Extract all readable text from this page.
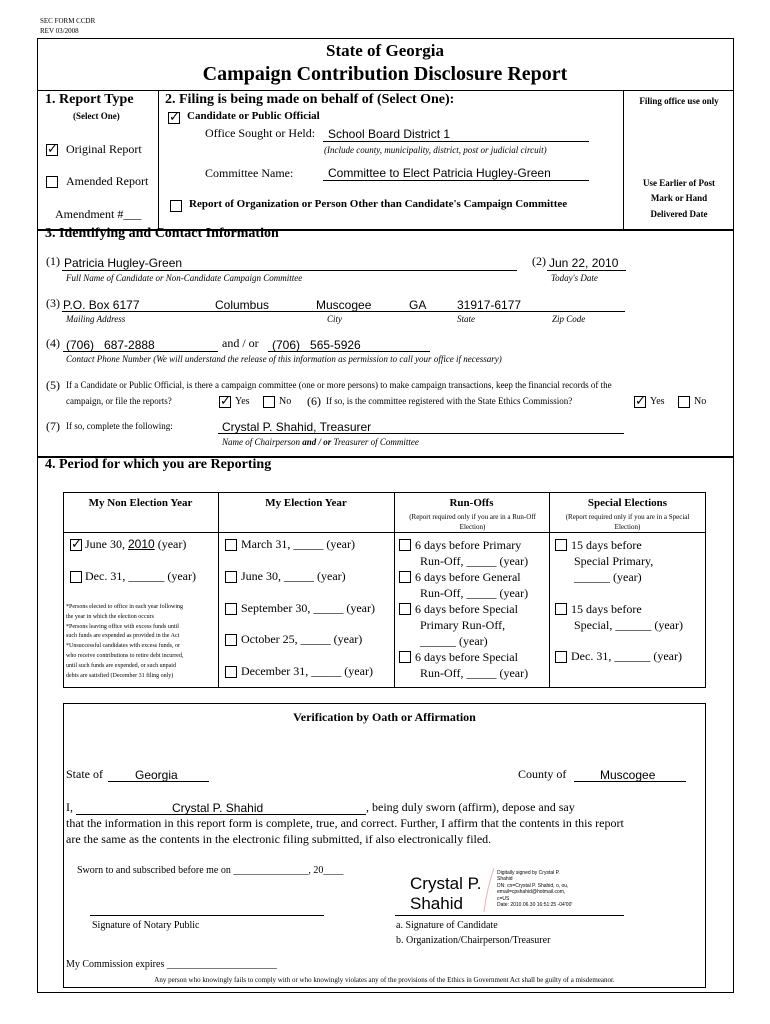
SEC FORM CCDR
REV 03/2008
State of Georgia
Campaign Contribution Disclosure Report
1. Report Type
(Select One)
✓
Original Report
Amended Report
Amendment #___
2. Filing is being made on behalf of (Select One):
✓
Candidate or Public Official
Office Sought or Held: School Board District 1
(Include county, municipality, district, post or judicial circuit)
Committee Name:	Committee to Elect Patricia Hugley-Green
Report of Organization or Person Other than Candidate's Campaign Committee
Filing office use only
Use Earlier of Post
Mark or Hand
Delivered Date
3. Identifying and Contact Information
(1) Patricia Hugley-Green
Full Name of Candidate or Non-Candidate Campaign Committee
(2) Jun 22, 2010
Today's Date
(3) P.O. Box 6177	Columbus	Muscogee	GA	31917-6177
Mailing Address	City	State	Zip Code
(4) (706)   687-2888	and / or (706)   565-5926
Contact Phone Number (We will understand the release of this information as permission to call your office if necessary)
(5) If a Candidate or Public Official, is there a campaign committee (one or more persons) to make campaign transactions, keep the financial records of the
campaign, or file the reports? ✓	Yes	No (6) If so, is the committee registered with the State Ethics Commission? ✓	Yes	No
(7) If so, complete the following:	Crystal P. Shahid, Treasurer
Name of Chairperson and / or Treasurer of Committee
4. Period for which you are Reporting
My Non Election Year
✓
June 30, 2010 (year)
Dec. 31, ______ (year)
*Persons elected to office in each year following
the year in which the election occurs
*Persons leaving office with excess funds until
such funds are expended as provided in the Act
*Unsuccessful candidates with excess funds, or
who receive contributions to retire debt incurred,
until such funds are expended, or such unpaid
debts are satisfied (December 31 filing only)
My Election Year
March 31, _____ (year)
June 30, _____ (year)
September 30, _____ (year)
October 25, _____ (year)
December 31, _____ (year)
Run-Offs
(Report required only if you are in a Run-Off Election)
6 days before Primary
Run-Off, _____ (year)
6 days before General
Run-Off, _____ (year)
6 days before Special
Primary Run-Off,
______ (year)
6 days before Special
Run-Off, _____ (year)
Special Elections
(Report required only if you are in a Special Election)
15 days before
Special Primary,
______ (year)
15 days before
Special, ______ (year)
Dec. 31, ______ (year)
Verification by Oath or Affirmation
State of	Georgia	County of	Muscogee
I,	Crystal P. Shahid	, being duly sworn (affirm), depose and say
that the information in this report form is complete, true, and correct. Further, I affirm that the contents in this report
are the same as the contents in the electronic filing submitted, if also electronically filed.
Sworn to and subscribed before me on _______________, 20____
Crystal P.
Shahid
Digitally signed by Crystal P.
Shahid
DN: cn=Crystal P. Shahid, o, ou,
email=cpshahid@hotmail.com,
c=US
Date: 2010.06.30 16:51:25 -04'00'
Signature of Notary Public	a. Signature of Candidate
b. Organization/Chairperson/Treasurer
My Commission expires ______________________
Any person who knowingly fails to comply with or who knowingly violates any of the provisions of the Ethics in Government Act shall be guilty of a misdemeanor.
